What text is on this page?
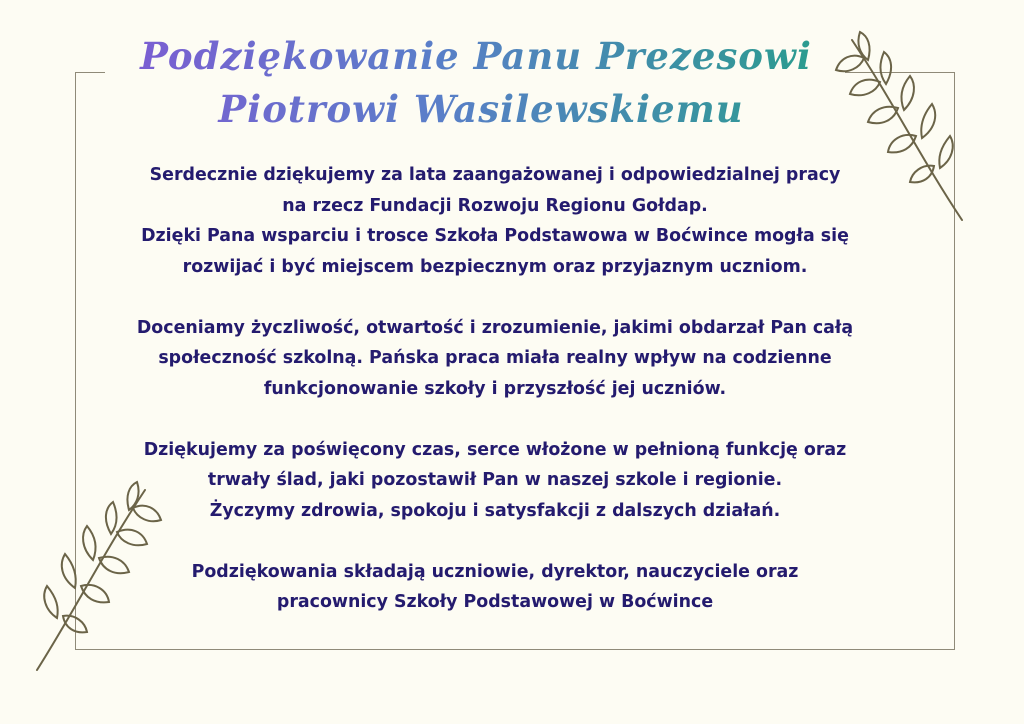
Podziękowanie Panu Prezesowi
Piotrowi Wasilewskiemu
Serdecznie dziękujemy za lata zaangażowanej i odpowiedzialnej pracy
na rzecz Fundacji Rozwoju Regionu Gołdap.
Dzięki Pana wsparciu i trosce Szkoła Podstawowa w Boćwince mogła się
rozwijać i być miejscem bezpiecznym oraz przyjaznym uczniom.
Doceniamy życzliwość, otwartość i zrozumienie, jakimi obdarzał Pan całą
społeczność szkolną. Pańska praca miała realny wpływ na codzienne
funkcjonowanie szkoły i przyszłość jej uczniów.
Dziękujemy za poświęcony czas, serce włożone w pełnioną funkcję oraz
trwały ślad, jaki pozostawił Pan w naszej szkole i regionie.
Życzymy zdrowia, spokoju i satysfakcji z dalszych działań.
Podziękowania składają uczniowie, dyrektor, nauczyciele oraz
pracownicy Szkoły Podstawowej w Boćwince
